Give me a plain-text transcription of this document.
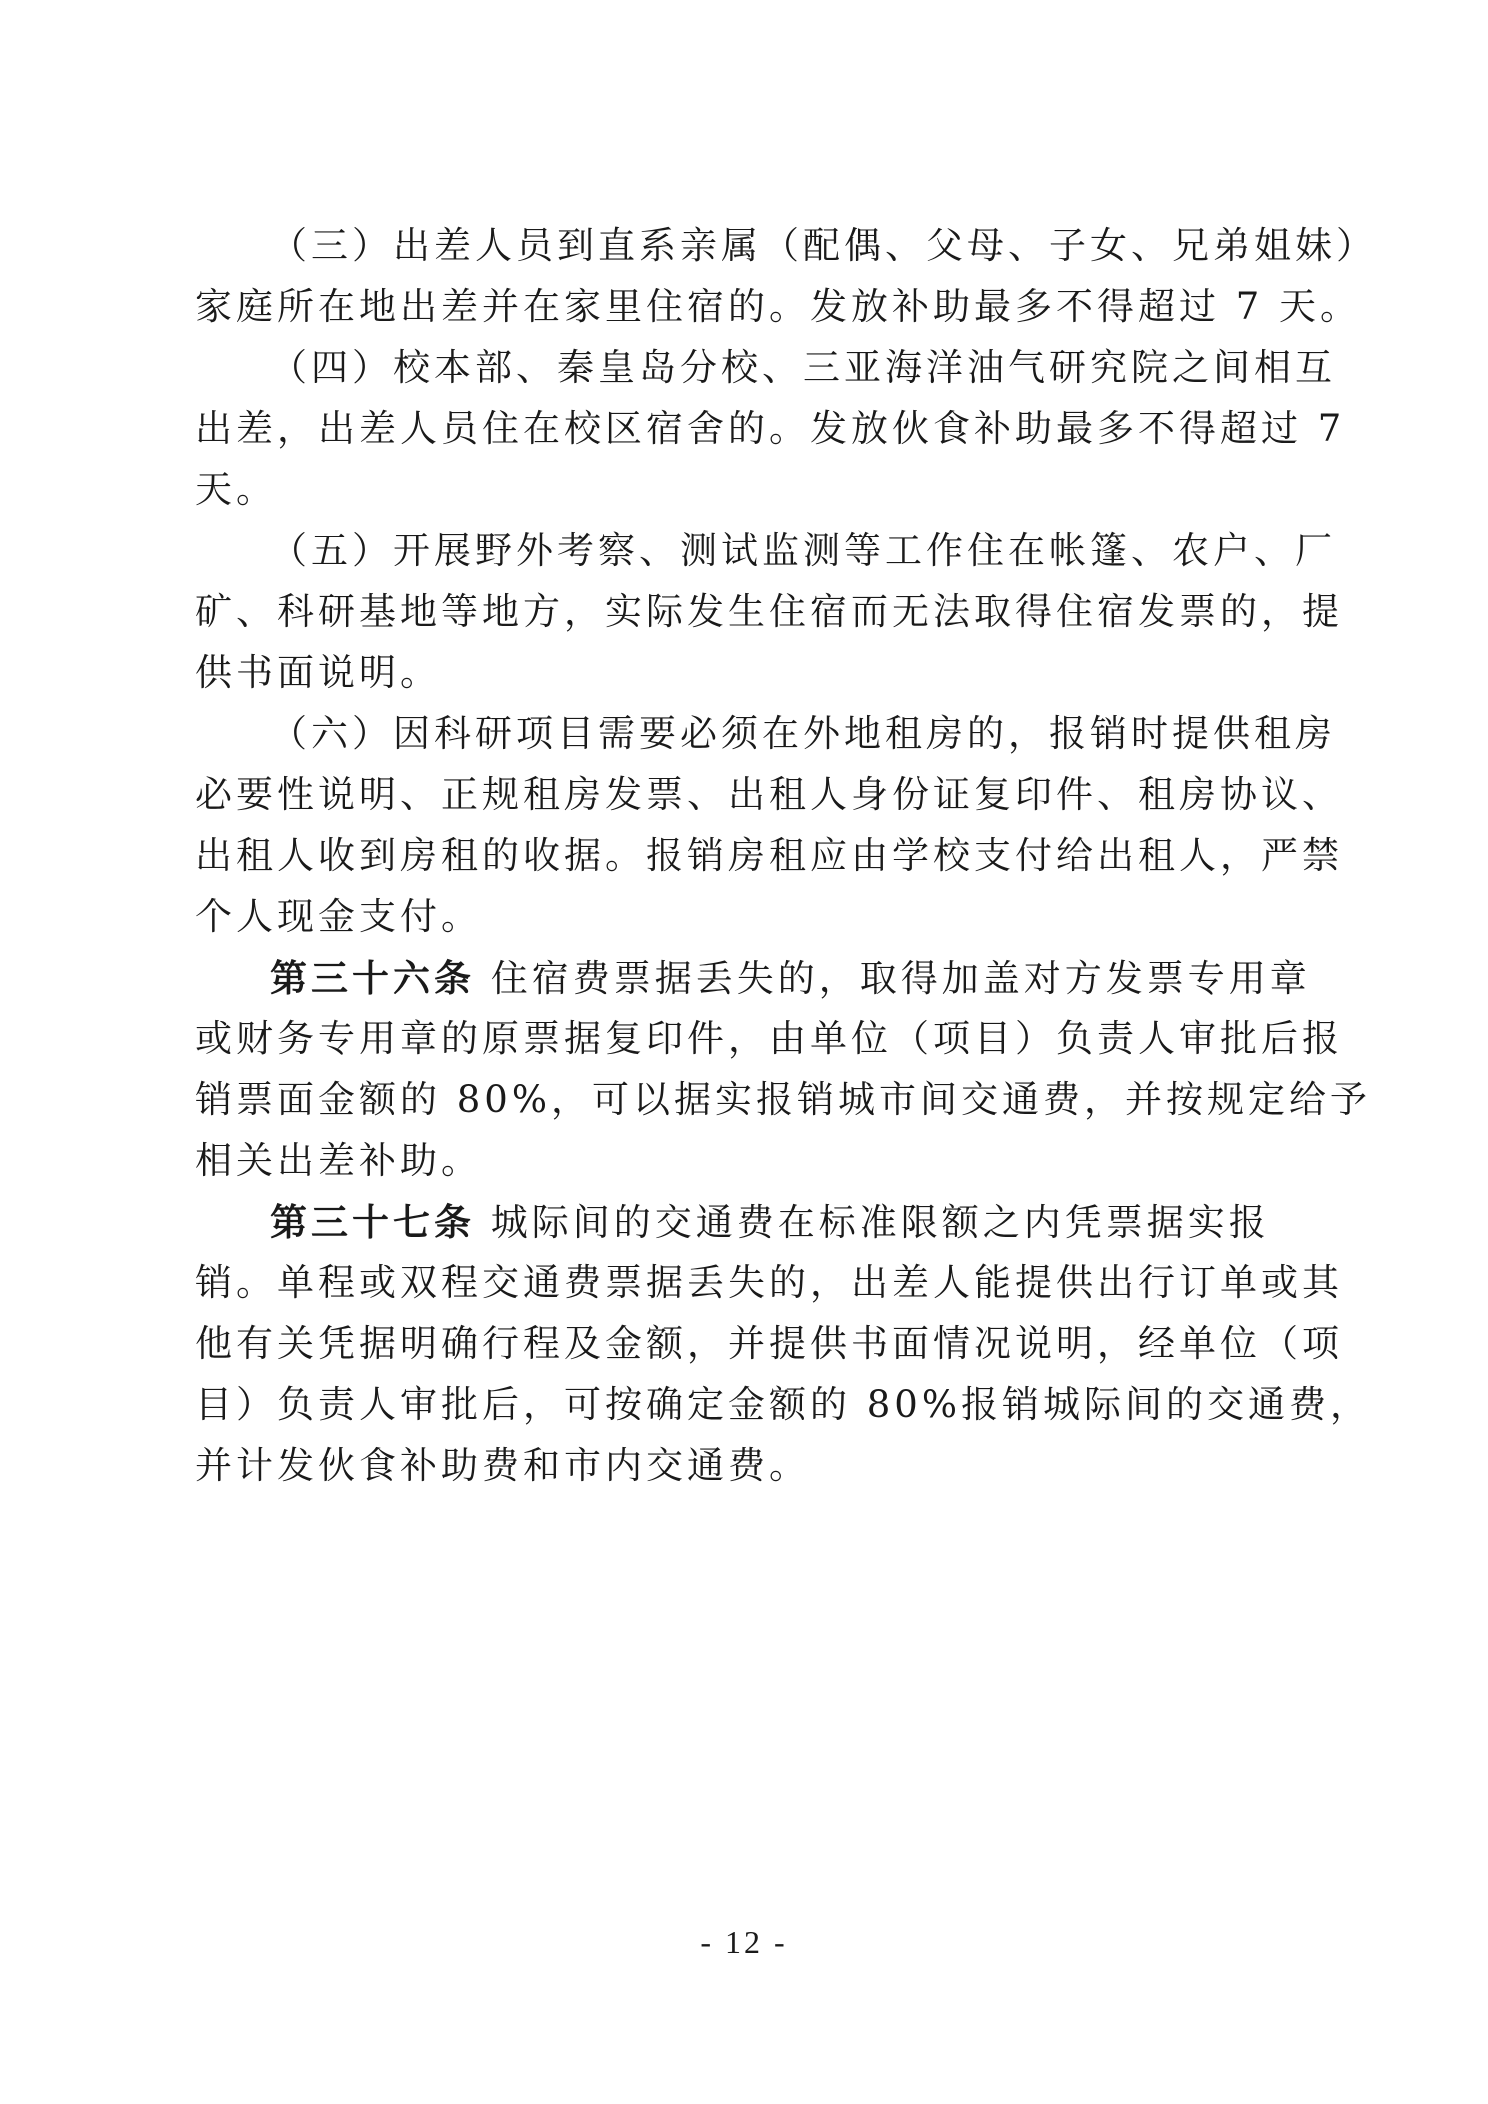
（三）出差人员到直系亲属（配偶、父母、子女、兄弟姐妹）
家庭所在地出差并在家里住宿的。发放补助最多不得超过 7 天。
（四）校本部、秦皇岛分校、三亚海洋油气研究院之间相互
出差，出差人员住在校区宿舍的。发放伙食补助最多不得超过 7
天。
（五）开展野外考察、测试监测等工作住在帐篷、农户、厂
矿、科研基地等地方，实际发生住宿而无法取得住宿发票的，提
供书面说明。
（六）因科研项目需要必须在外地租房的，报销时提供租房
必要性说明、正规租房发票、出租人身份证复印件、租房协议、
出租人收到房租的收据。报销房租应由学校支付给出租人，严禁
个人现金支付。
第三十六条 住宿费票据丢失的，取得加盖对方发票专用章
或财务专用章的原票据复印件，由单位（项目）负责人审批后报
销票面金额的 80%，可以据实报销城市间交通费，并按规定给予
相关出差补助。
第三十七条 城际间的交通费在标准限额之内凭票据实报
销。单程或双程交通费票据丢失的，出差人能提供出行订单或其
他有关凭据明确行程及金额，并提供书面情况说明，经单位（项
目）负责人审批后，可按确定金额的 80%报销城际间的交通费，
并计发伙食补助费和市内交通费。
- 12 -
